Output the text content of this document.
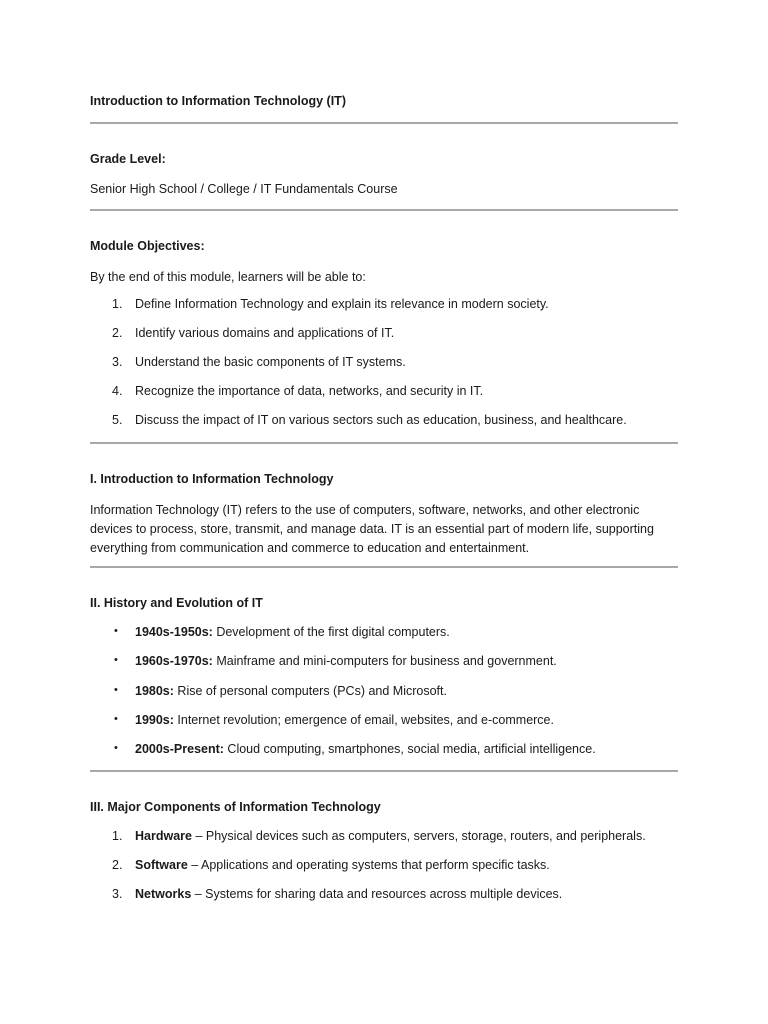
Introduction to Information Technology (IT)
Grade Level:
Senior High School / College / IT Fundamentals Course
Module Objectives:
By the end of this module, learners will be able to:
1. Define Information Technology and explain its relevance in modern society.
2. Identify various domains and applications of IT.
3. Understand the basic components of IT systems.
4. Recognize the importance of data, networks, and security in IT.
5. Discuss the impact of IT on various sectors such as education, business, and healthcare.
I. Introduction to Information Technology
Information Technology (IT) refers to the use of computers, software, networks, and other electronic
devices to process, store, transmit, and manage data. IT is an essential part of modern life, supporting
everything from communication and commerce to education and entertainment.
II. History and Evolution of IT
• 1940s-1950s: Development of the first digital computers.
• 1960s-1970s: Mainframe and mini-computers for business and government.
• 1980s: Rise of personal computers (PCs) and Microsoft.
• 1990s: Internet revolution; emergence of email, websites, and e-commerce.
• 2000s-Present: Cloud computing, smartphones, social media, artificial intelligence.
III. Major Components of Information Technology
1. Hardware – Physical devices such as computers, servers, storage, routers, and peripherals.
2. Software – Applications and operating systems that perform specific tasks.
3. Networks – Systems for sharing data and resources across multiple devices.
